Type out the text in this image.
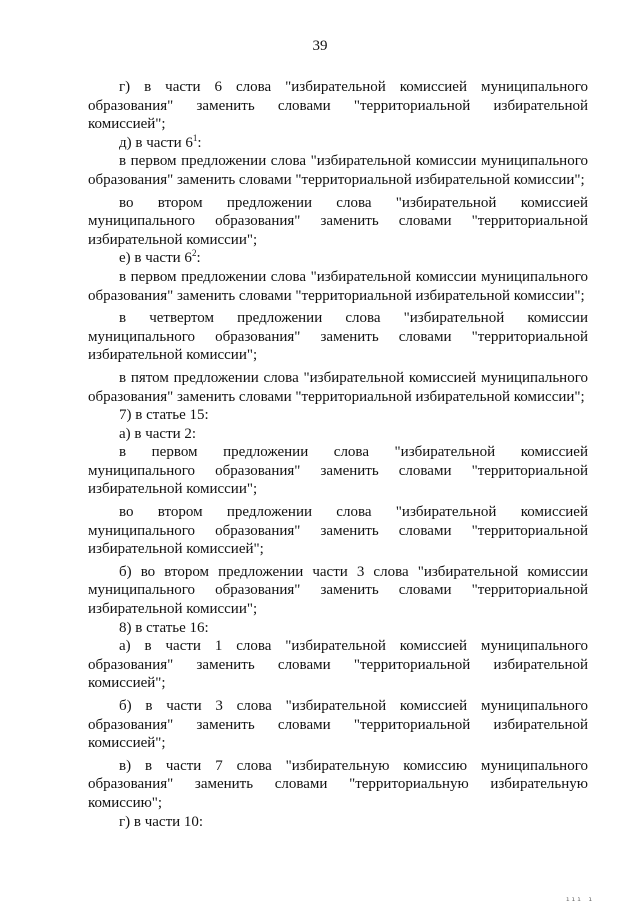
39

г) в части 6 слова "избирательной комиссией муниципального образования" заменить словами "территориальной избирательной комиссией";

д) в части $6^1$:

в первом предложении слова "избирательной комиссии муниципального образования" заменить словами "территориальной избирательной комиссии";

во втором предложении слова "избирательной комиссией муниципального образования" заменить словами "территориальной избирательной комиссии";

е) в части $6^2$:

в первом предложении слова "избирательной комиссии муниципального образования" заменить словами "территориальной избирательной комиссии";

в четвертом предложении слова "избирательной комиссии муниципального образования" заменить словами "территориальной избирательной комиссии";

в пятом предложении слова "избирательной комиссией муниципального образования" заменить словами "территориальной избирательной комиссии";

7) в статье 15:

а) в части 2:

в первом предложении слова "избирательной комиссией муниципального образования" заменить словами "территориальной избирательной комиссии";

во втором предложении слова "избирательной комиссией муниципального образования" заменить словами "территориальной избирательной комиссией";

б) во втором предложении части 3 слова "избирательной комиссии муниципального образования" заменить словами "территориальной избирательной комиссии";

8) в статье 16:

а) в части 1 слова "избирательной комиссией муниципального образования" заменить словами "территориальной избирательной комиссией";

б) в части 3 слова "избирательной комиссией муниципального образования" заменить словами "территориальной избирательной комиссией";

в) в части 7 слова "избирательную комиссию муниципального образования" заменить словами "территориальную избирательную комиссию";

г) в части 10:

ııı ı
